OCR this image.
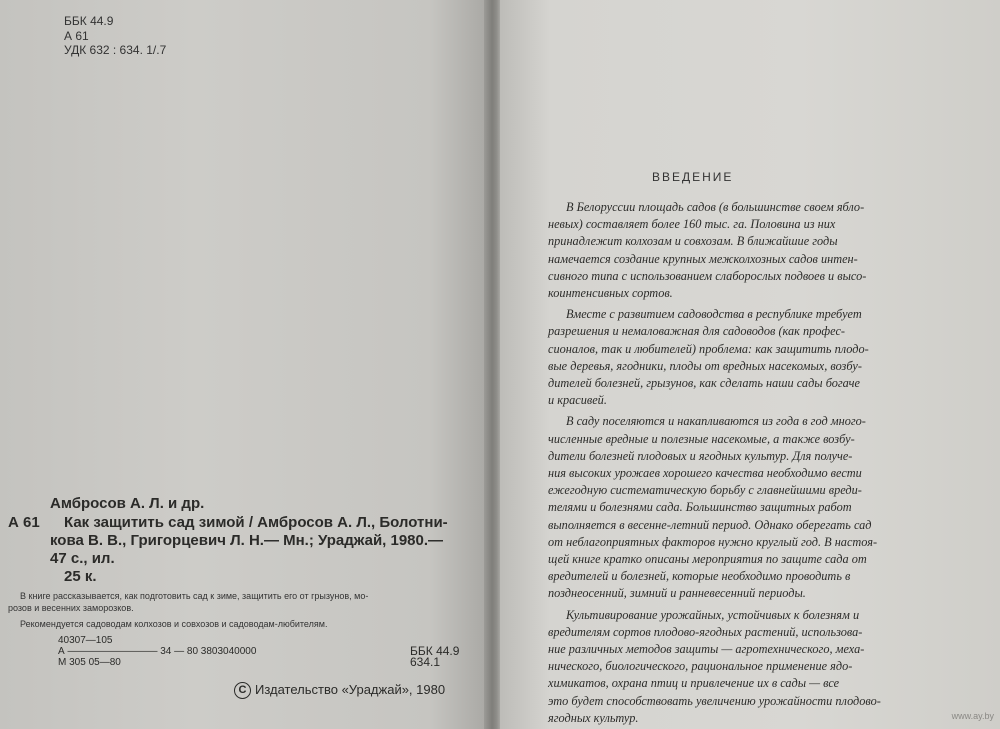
ББК 44.9
А 61
УДК 632 : 634. 1/.7
Амбросов А. Л. и др.
А 61 Как защитить сад зимой / Амбросов А. Л., Болотни-
кова В. В., Григорцевич Л. Н.— Мн.; Ураджай, 1980.—
47 с., ил.
25 к.
В книге рассказывается, как подготовить сад к зиме, защитить его от грызунов, мо-
розов и весенних заморозков.
Рекомендуется садоводам колхозов и совхозов и садоводам-любителям.
40307—105
А ————————— 34 — 80 3803040000	ББК 44.9
М 305 05—80	634.1
С Издательство «Ураджай», 1980
ВВЕДЕНИЕ
В Белоруссии площадь садов (в большинстве своем ябло-
невых) составляет более 160 тыс. га. Половина из них
принадлежит колхозам и совхозам. В ближайшие годы
намечается создание крупных межколхозных садов интен-
сивного типа с использованием слаборослых подвоев и высо-
коинтенсивных сортов.
Вместе с развитием садоводства в республике требует
разрешения и немаловажная для садоводов (как профес-
сионалов, так и любителей) проблема: как защитить плодо-
вые деревья, ягодники, плоды от вредных насекомых, возбу-
дителей болезней, грызунов, как сделать наши сады богаче
и красивей.
В саду поселяются и накапливаются из года в год много-
численные вредные и полезные насекомые, а также возбу-
дители болезней плодовых и ягодных культур. Для получе-
ния высоких урожаев хорошего качества необходимо вести
ежегодную систематическую борьбу с главнейшими вреди-
телями и болезнями сада. Большинство защитных работ
выполняется в весенне-летний период. Однако оберегать сад
от неблагоприятных факторов нужно круглый год. В настоя-
щей книге кратко описаны мероприятия по защите сада от
вредителей и болезней, которые необходимо проводить в
позднеосенний, зимний и ранневесенний периоды.
Культивирование урожайных, устойчивых к болезням и
вредителям сортов плодово-ягодных растений, использова-
ние различных методов защиты — агротехнического, меха-
нического, биологического, рациональное применение ядо-
химикатов, охрана птиц и привлечение их в сады — все
это будет способствовать увеличению урожайности плодово-
ягодных культур.	www.ay.by
